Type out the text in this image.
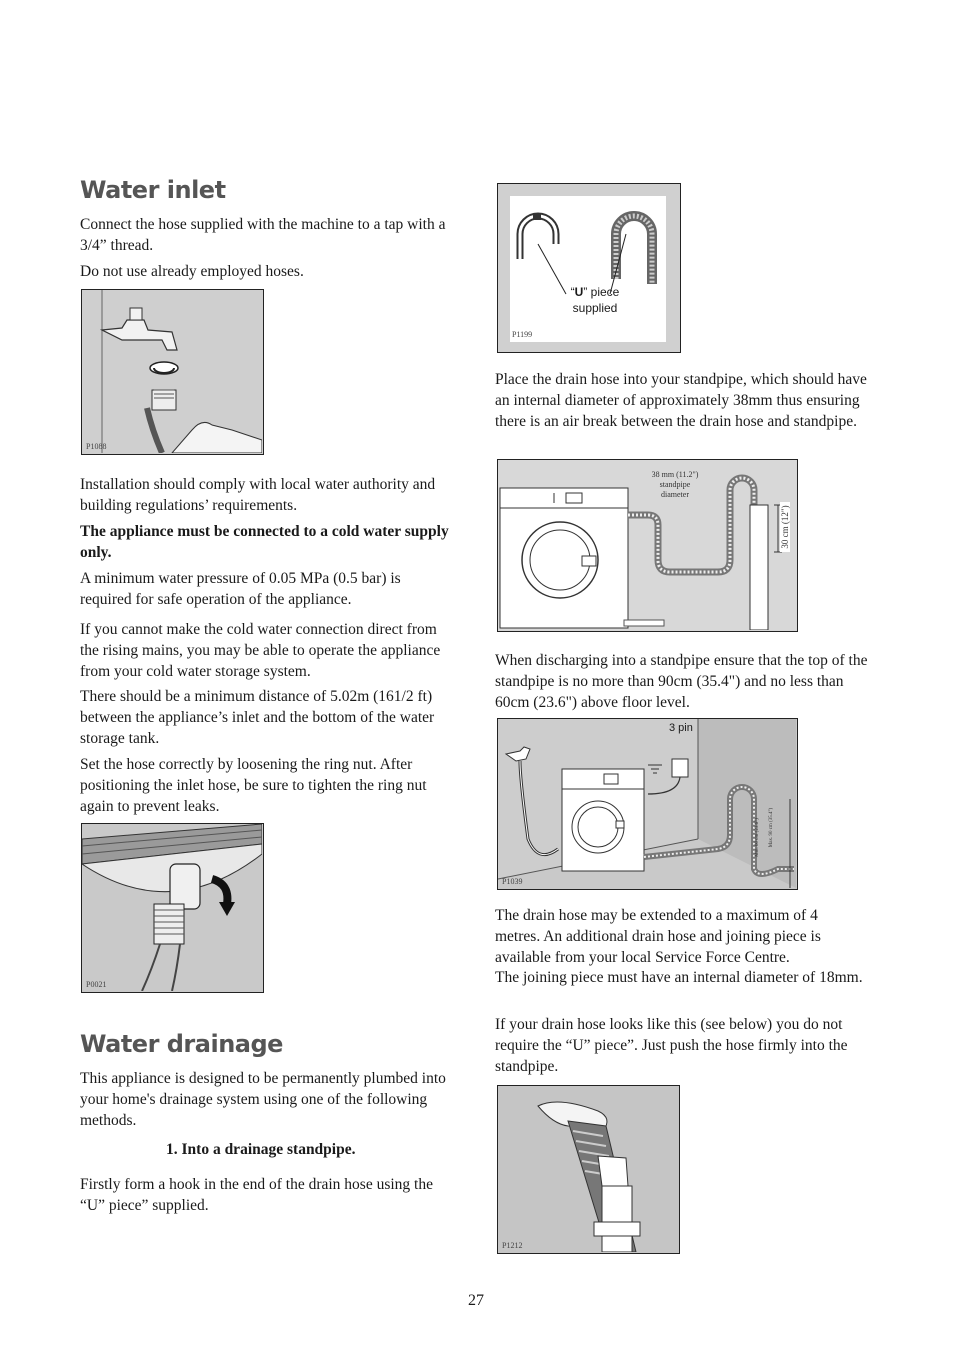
Water inlet

Connect the hose supplied with the machine to a tap with a 3/4” thread.

Do not use already employed hoses.

P1088

Installation should comply with local water authority and building regulations’ requirements.

The appliance must be connected to a cold water supply only.

A minimum water pressure of 0.05 MPa (0.5 bar) is required for safe operation of the appliance.

If you cannot make the cold water connection direct from the rising mains, you may be able to operate the appliance from your cold water storage system.

There should be a minimum distance of 5.02m (161/2 ft) between the appliance’s inlet and the bottom of the water storage tank.

Set the hose correctly by loosening the ring nut. After positioning the inlet hose, be sure to tighten the ring nut again to prevent leaks.

P0021
Water drainage

This appliance is designed to be permanently plumbed into your home's drainage system using one of the following methods.

1. Into a drainage standpipe.

Firstly form a hook in the end of the drain hose using the “U” piece” supplied.

“U” piece
supplied
P1199

Place the drain hose into your standpipe, which should have an internal diameter of approximately 38mm thus ensuring there is an air break between the drain hose and standpipe.

38 mm (11.2")
standpipe
diameter
30 cm (12")

When discharging into a standpipe ensure that the top of the standpipe is no more than 90cm (35.4") and no less than 60cm (23.6") above floor level.

3 pin
Max. 90 cm (35.4")
Min. 60 cm (23.6")
P1039

The drain hose may be extended to a maximum of 4 metres. An additional drain hose and joining piece is available from your local Service Force Centre.

The joining piece must have an internal diameter of 18mm.

If your drain hose looks like this (see below) you do not require the “U” piece”. Just push the hose firmly into the standpipe.

P1212
27
